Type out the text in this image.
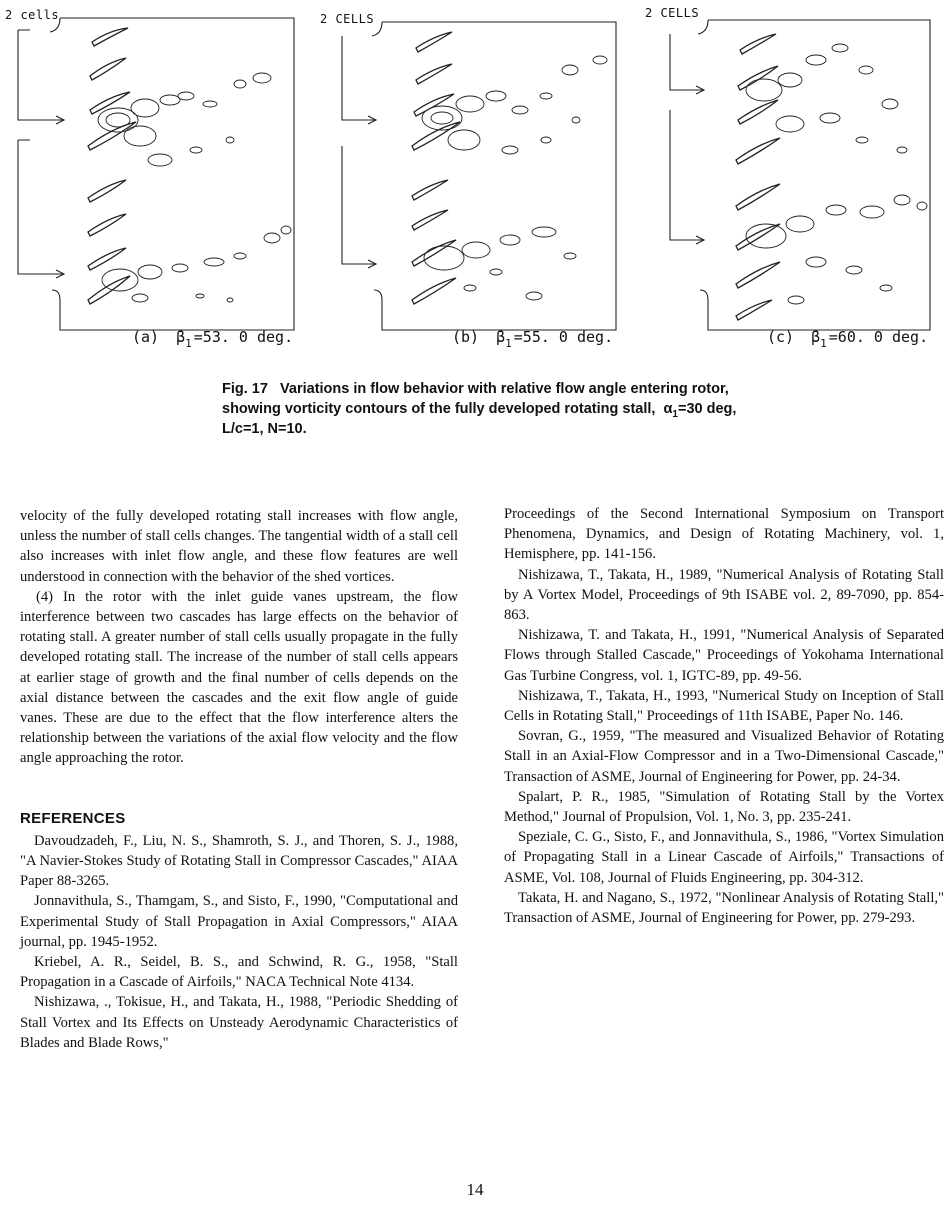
2 cells
(a) $\beta_1 =53$. 0 deg.
2 CELLS
(b) $\beta_1 =55$. 0 deg.
2 CELLS
(c) $\beta_1 =60$. 0 deg.
Fig. 17 Variations in flow behavior with relative flow angle entering rotor, showing vorticity contours of the fully developed rotating stall, $\alpha_1=30$ deg, L/c=1, N=10.

velocity of the fully developed rotating stall increases with flow angle, unless the number of stall cells changes. The tangential width of a stall cell also increases with inlet flow angle, and these flow features are well understood in connection with the behavior of the shed vortices.

(4) In the rotor with the inlet guide vanes upstream, the flow interference between two cascades has large effects on the behavior of rotating stall. A greater number of stall cells usually propagate in the fully developed rotating stall. The increase of the number of stall cells appears at earlier stage of growth and the final number of cells depends on the axial distance between the cascades and the exit flow angle of guide vanes. These are due to the effect that the flow interference alters the relationship between the variations of the axial flow velocity and the flow angle approaching the rotor.

REFERENCES

Davoudzadeh, F., Liu, N. S., Shamroth, S. J., and Thoren, S. J., 1988, "A Navier-Stokes Study of Rotating Stall in Compressor Cascades," AIAA Paper 88-3265.

Jonnavithula, S., Thamgam, S., and Sisto, F., 1990, "Computational and Experimental Study of Stall Propagation in Axial Compressors," AIAA journal, pp. 1945-1952.

Kriebel, A. R., Seidel, B. S., and Schwind, R. G., 1958, "Stall Propagation in a Cascade of Airfoils," NACA Technical Note 4134.

Nishizawa, ., Tokisue, H., and Takata, H., 1988, "Periodic Shedding of Stall Vortex and Its Effects on Unsteady Aerodynamic Characteristics of Blades and Blade Rows,"

Proceedings of the Second International Symposium on Transport Phenomena, Dynamics, and Design of Rotating Machinery, vol. 1, Hemisphere, pp. 141-156.

Nishizawa, T., Takata, H., 1989, "Numerical Analysis of Rotating Stall by A Vortex Model, Proceedings of 9th ISABE vol. 2, 89-7090, pp. 854-863.

Nishizawa, T. and Takata, H., 1991, "Numerical Analysis of Separated Flows through Stalled Cascade," Proceedings of Yokohama International Gas Turbine Congress, vol. 1, IGTC-89, pp. 49-56.

Nishizawa, T., Takata, H., 1993, "Numerical Study on Inception of Stall Cells in Rotating Stall," Proceedings of 11th ISABE, Paper No. 146.

Sovran, G., 1959, "The measured and Visualized Behavior of Rotating Stall in an Axial-Flow Compressor and in a Two-Dimensional Cascade," Transaction of ASME, Journal of Engineering for Power, pp. 24-34.

Spalart, P. R., 1985, "Simulation of Rotating Stall by the Vortex Method," Journal of Propulsion, Vol. 1, No. 3, pp. 235-241.

Speziale, C. G., Sisto, F., and Jonnavithula, S., 1986, "Vortex Simulation of Propagating Stall in a Linear Cascade of Airfoils," Transactions of ASME, Vol. 108, Journal of Fluids Engineering, pp. 304-312.

Takata, H. and Nagano, S., 1972, "Nonlinear Analysis of Rotating Stall," Transaction of ASME, Journal of Engineering for Power, pp. 279-293.

14
